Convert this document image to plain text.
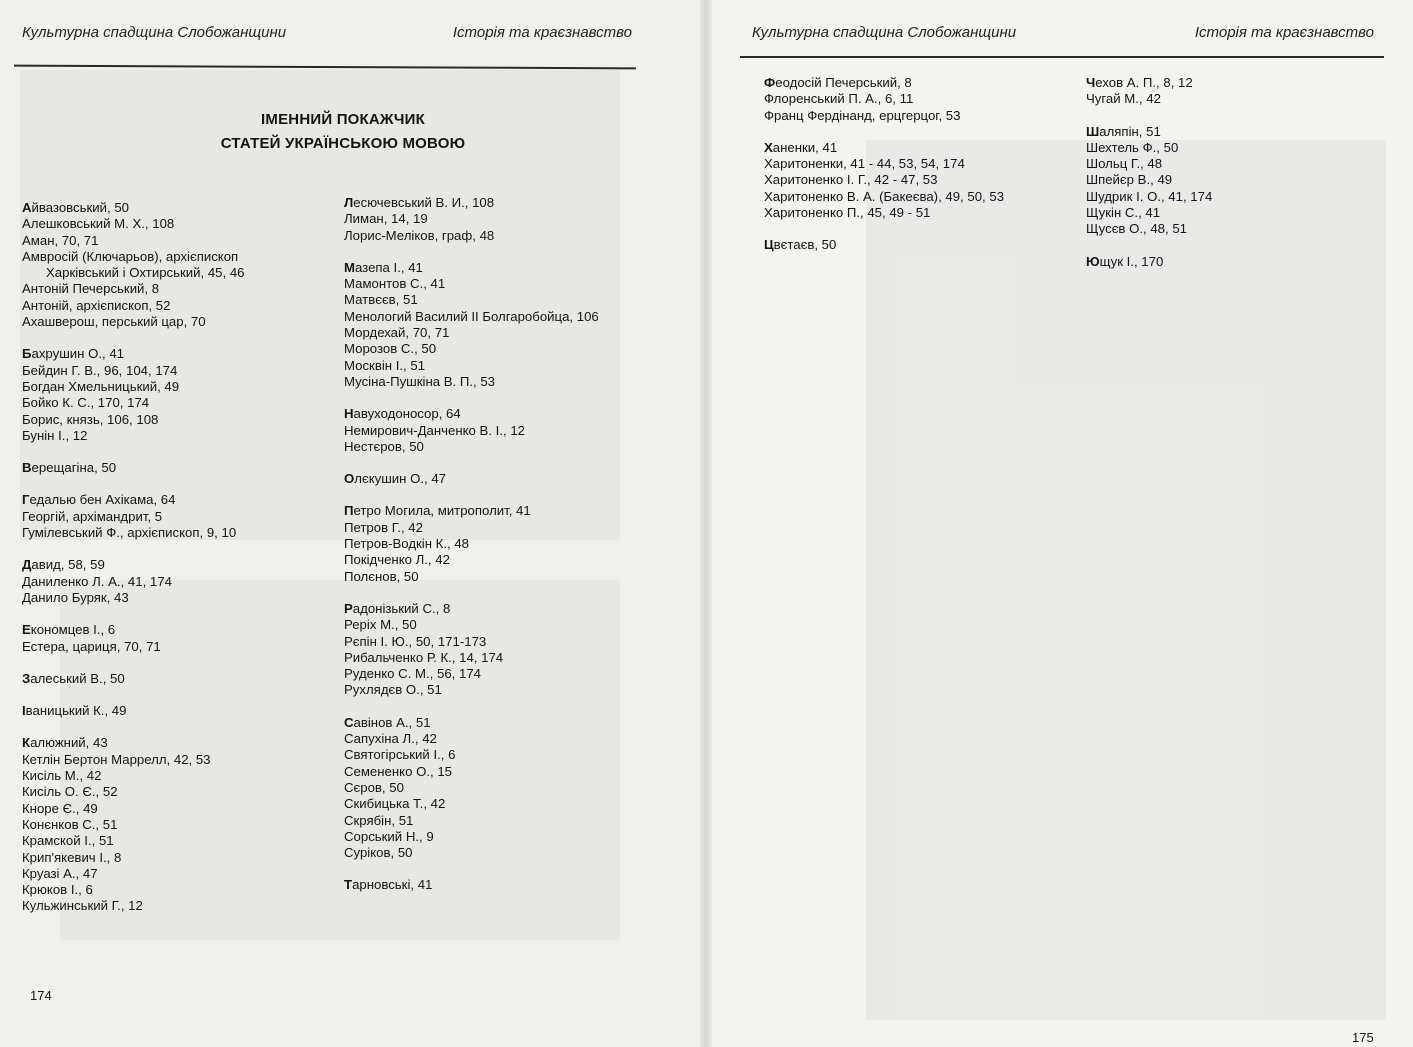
Культурна спадщина Слобожанщини	Історія та краєзнавство
ІМЕННИЙ ПОКАЖЧИК
СТАТЕЙ УКРАЇНСЬКОЮ МОВОЮ
Айвазовський, 50
Алешковський М. Х., 108
Аман, 70, 71
Амвросій (Ключарьов), архієпископ
Харківський і Охтирський, 45, 46
Антоній Печерський, 8
Антоній, архієпископ, 52
Ахашверош, перський цар, 70
Бахрушин О., 41
Бейдин Г. В., 96, 104, 174
Богдан Хмельницький, 49
Бойко К. С., 170, 174
Борис, князь, 106, 108
Бунін І., 12
Верещагіна, 50
Гедалью бен Ахікама, 64
Георгій, архімандрит, 5
Гумілевський Ф., архієпископ, 9, 10
Давид, 58, 59
Даниленко Л. А., 41, 174
Данило Буряк, 43
Економцев І., 6
Естера, цариця, 70, 71
Залеський В., 50
Іваницький К., 49
Калюжний, 43
Кетлін Бертон Маррелл, 42, 53
Кисіль М., 42
Кисіль О. Є., 52
Кноре Є., 49
Конєнков С., 51
Крамской І., 51
Крип'якевич І., 8
Круазі А., 47
Крюков І., 6
Кульжинський Г., 12
Лесючевський В. И., 108
Лиман, 14, 19
Лорис-Меліков, граф, 48
Мазепа І., 41
Мамонтов С., 41
Матвєєв, 51
Менологий Василий ІІ Болгаробойца, 106
Мордехай, 70, 71
Морозов С., 50
Москвін І., 51
Мусіна-Пушкіна В. П., 53
Навуходоносор, 64
Немирович-Данченко В. І., 12
Нестєров, 50
Олєкушин О., 47
Петро Могила, митрополит, 41
Петров Г., 42
Петров-Водкін К., 48
Покідченко Л., 42
Полєнов, 50
Радонізький С., 8
Реріх М., 50
Рєпін І. Ю., 50, 171-173
Рибальченко Р. К., 14, 174
Руденко С. М., 56, 174
Рухлядєв О., 51
Савінов А., 51
Сапухіна Л., 42
Святогірський І., 6
Семененко О., 15
Сєров, 50
Скибицька Т., 42
Скрябін, 51
Сорський Н., 9
Суріков, 50
Тарновські, 41
174
Культурна спадщина Слобожанщини	Історія та краєзнавство
Феодосій Печерський, 8
Флоренський П. А., 6, 11
Франц Фердінанд, ерцгерцог, 53
Ханенки, 41
Харитоненки, 41 - 44, 53, 54, 174
Харитоненко І. Г., 42 - 47, 53
Харитоненко В. А. (Бакеєва), 49, 50, 53
Харитоненко П., 45, 49 - 51
Цвєтаєв, 50
Чехов А. П., 8, 12
Чугай М., 42
Шаляпін, 51
Шехтель Ф., 50
Шольц Г., 48
Шпейєр В., 49
Шудрик І. О., 41, 174
Щукін С., 41
Щусєв О., 48, 51
Ющук І., 170
175
